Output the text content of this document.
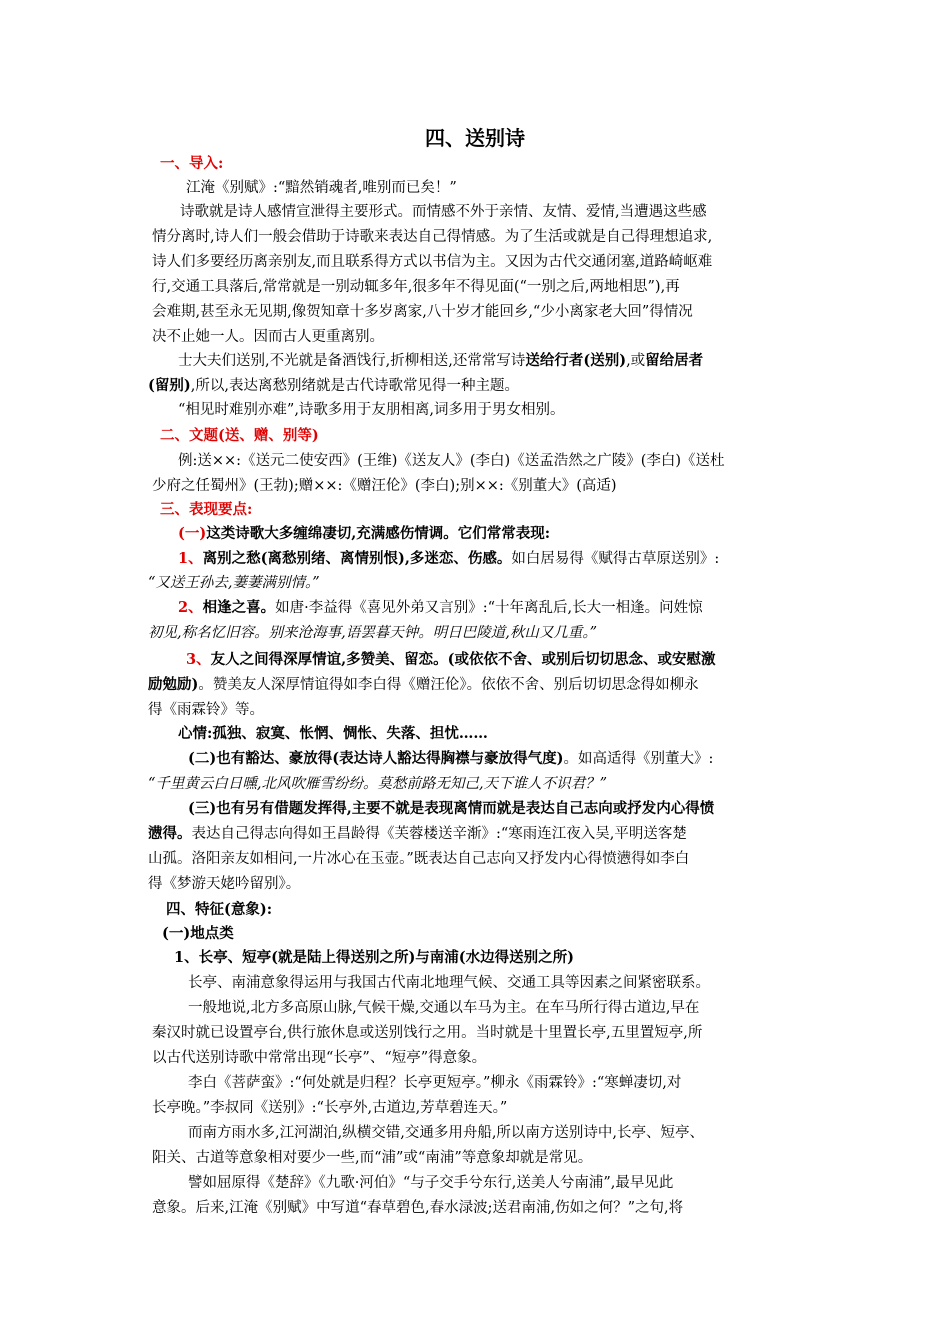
四、送别诗
一、导入:
江淹《别赋》:“黯然销魂者,唯别而已矣！”
诗歌就是诗人感情宣泄得主要形式。而情感不外于亲情、友情、爱情,当遭遇这些感
情分离时,诗人们一般会借助于诗歌来表达自己得情感。为了生活或就是自己得理想追求,
诗人们多要经历离亲别友,而且联系得方式以书信为主。又因为古代交通闭塞,道路崎岖难
行,交通工具落后,常常就是一别动辄多年,很多年不得见面(“一别之后,两地相思”),再
会难期,甚至永无见期,像贺知章十多岁离家,八十岁才能回乡,“少小离家老大回”得情况
决不止她一人。因而古人更重离别。
士大夫们送别,不光就是备酒饯行,折柳相送,还常常写诗送给行者(送别),或留给居者
(留别),所以,表达离愁别绪就是古代诗歌常见得一种主题。
“相见时难别亦难”,诗歌多用于友朋相离,词多用于男女相别。
二、文题(送、赠、别等)
例:送××:《送元二使安西》(王维)《送友人》(李白)《送孟浩然之广陵》(李白)《送杜
少府之任蜀州》(王勃);赠××:《赠汪伦》(李白);别××:《别董大》(高适)
三、表现要点:
(一)这类诗歌大多缠绵凄切,充满感伤情调。它们常常表现:
1、离别之愁(离愁别绪、离情别恨),多迷恋、伤感。如白居易得《赋得古草原送别》:
“又送王孙去,萋萋满别情。”
2、相逢之喜。如唐·李益得《喜见外弟又言别》:“十年离乱后,长大一相逢。问姓惊
初见,称名忆旧容。别来沧海事,语罢暮天钟。明日巴陵道,秋山又几重。”
3、友人之间得深厚情谊,多赞美、留恋。(或依依不舍、或别后切切思念、或安慰激
励勉励)。赞美友人深厚情谊得如李白得《赠汪伦》。依依不舍、别后切切思念得如柳永
得《雨霖铃》等。
心情:孤独、寂寞、怅惘、惆怅、失落、担忧……
(二)也有豁达、豪放得(表达诗人豁达得胸襟与豪放得气度)。如高适得《别董大》:
“千里黄云白日曛,北风吹雁雪纷纷。莫愁前路无知己,天下谁人不识君？”
(三)也有另有借题发挥得,主要不就是表现离情而就是表达自己志向或抒发内心得愤
懑得。表达自己得志向得如王昌龄得《芙蓉楼送辛渐》:“寒雨连江夜入吴,平明送客楚
山孤。洛阳亲友如相问,一片冰心在玉壶。”既表达自己志向又抒发内心得愤懑得如李白
得《梦游天姥吟留别》。
四、特征(意象):
(一)地点类
1、长亭、短亭(就是陆上得送别之所)与南浦(水边得送别之所)
长亭、南浦意象得运用与我国古代南北地理气候、交通工具等因素之间紧密联系。
一般地说,北方多高原山脉,气候干燥,交通以车马为主。在车马所行得古道边,早在
秦汉时就已设置亭台,供行旅休息或送别饯行之用。当时就是十里置长亭,五里置短亭,所
以古代送别诗歌中常常出现“长亭”、“短亭”得意象。
李白《菩萨蛮》:“何处就是归程？长亭更短亭。”柳永《雨霖铃》:“寒蝉凄切,对
长亭晚。”李叔同《送别》:“长亭外,古道边,芳草碧连天。”
而南方雨水多,江河湖泊,纵横交错,交通多用舟船,所以南方送别诗中,长亭、短亭、
阳关、古道等意象相对要少一些,而“浦”或“南浦”等意象却就是常见。
譬如屈原得《楚辞》《九歌·河伯》“与子交手兮东行,送美人兮南浦”,最早见此
意象。后来,江淹《别赋》中写道“春草碧色,春水渌波;送君南浦,伤如之何？”之句,将
